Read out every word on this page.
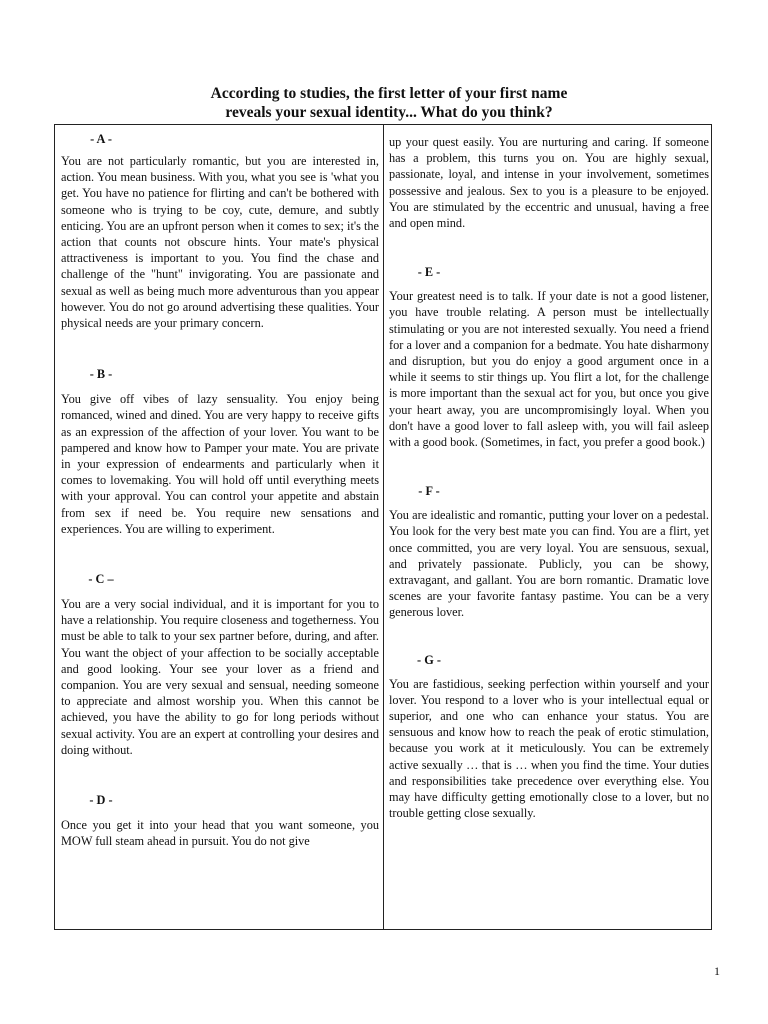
According to studies, the first letter of your first name
reveals your sexual identity... What do you think?
- A -

You are not particularly romantic, but you are interested in, action. You mean business. With you, what you see is 'what you get. You have no patience for flirting and can't be bothered with someone who is trying to be coy, cute, demure, and subtly enticing. You are an upfront person when it comes to sex; it's the action that counts not obscure hints. Your mate's physical attractiveness is important to you. You find the chase and challenge of the "hunt" invigorating. You are passionate and sexual as well as being much more adventurous than you appear however. You do not go around advertising these qualities. Your physical needs are your primary concern.

- B -

You give off vibes of lazy sensuality. You enjoy being romanced, wined and dined. You are very happy to receive gifts as an expression of the affection of your lover. You want to be pampered and know how to Pamper your mate. You are private in your expression of endearments and particularly when it comes to lovemaking. You will hold off until everything meets with your approval. You can control your appetite and abstain from sex if need be. You require new sensations and experiences. You are willing to experiment.

- C –

You are a very social individual, and it is important for you to have a relationship. You require closeness and togetherness. You must be able to talk to your sex partner before, during, and after. You want the object of your affection to be socially acceptable and good looking. Your see your lover as a friend and companion. You are very sexual and sensual, needing someone to appreciate and almost worship you. When this cannot be achieved, you have the ability to go for long periods without sexual activity. You are an expert at controlling your desires and doing without.

- D -

Once you get it into your head that you want someone, you MOW full steam ahead in pursuit. You do not give

up your quest easily. You are nurturing and caring. If someone has a problem, this turns you on. You are highly sexual, passionate, loyal, and intense in your involvement, sometimes possessive and jealous. Sex to you is a pleasure to be enjoyed. You are stimulated by the eccentric and unusual, having a free and open mind.

- E -

Your greatest need is to talk. If your date is not a good listener, you have trouble relating. A person must be intellectually stimulating or you are not interested sexually. You need a friend for a lover and a companion for a bedmate. You hate disharmony and disruption, but you do enjoy a good argument once in a while it seems to stir things up. You flirt a lot, for the challenge is more important than the sexual act for you, but once you give your heart away, you are uncompromisingly loyal. When you don't have a good lover to fall asleep with, you will fail asleep with a good book. (Sometimes, in fact, you prefer a good book.)

- F -

You are idealistic and romantic, putting your lover on a pedestal. You look for the very best mate you can find. You are a flirt, yet once committed, you are very loyal. You are sensuous, sexual, and privately passionate. Publicly, you can be showy, extravagant, and gallant. You are born romantic. Dramatic love scenes are your favorite fantasy pastime. You can be a very generous lover.

- G -

You are fastidious, seeking perfection within yourself and your lover. You respond to a lover who is your intellectual equal or superior, and one who can enhance your status. You are sensuous and know how to reach the peak of erotic stimulation, because you work at it meticulously. You can be extremely active sexually … that is … when you find the time. Your duties and responsibilities take precedence over everything else. You may have difficulty getting emotionally close to a lover, but no trouble getting close sexually.

1
